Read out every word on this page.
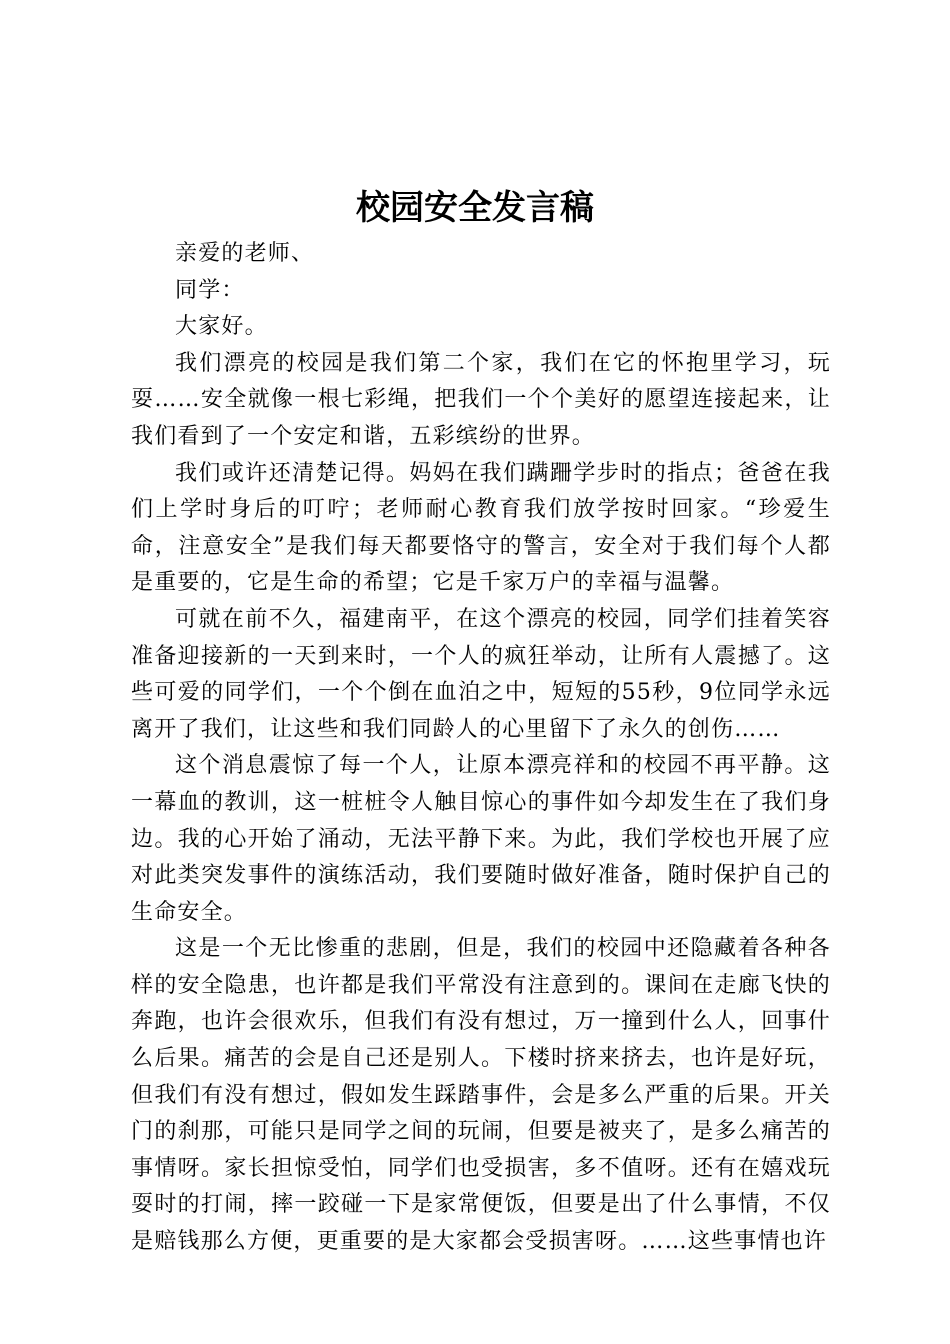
校园安全发言稿

亲爱的老师、

同学：

大家好。

我们漂亮的校园是我们第二个家，我们在它的怀抱里学习，玩耍……安全就像一根七彩绳，把我们一个个美好的愿望连接起来，让我们看到了一个安定和谐，五彩缤纷的世界。

我们或许还清楚记得。妈妈在我们蹒跚学步时的指点；爸爸在我们上学时身后的叮咛；老师耐心教育我们放学按时回家。“珍爱生命，注意安全”是我们每天都要恪守的警言，安全对于我们每个人都是重要的，它是生命的希望；它是千家万户的幸福与温馨。

可就在前不久，福建南平，在这个漂亮的校园，同学们挂着笑容准备迎接新的一天到来时，一个人的疯狂举动，让所有人震撼了。这些可爱的同学们，一个个倒在血泊之中，短短的55秒，9位同学永远离开了我们，让这些和我们同龄人的心里留下了永久的创伤……

这个消息震惊了每一个人，让原本漂亮祥和的校园不再平静。这一幕血的教训，这一桩桩令人触目惊心的事件如今却发生在了我们身边。我的心开始了涌动，无法平静下来。为此，我们学校也开展了应对此类突发事件的演练活动，我们要随时做好准备，随时保护自己的生命安全。

这是一个无比惨重的悲剧，但是，我们的校园中还隐藏着各种各样的安全隐患，也许都是我们平常没有注意到的。课间在走廊飞快的奔跑，也许会很欢乐，但我们有没有想过，万一撞到什么人，回事什么后果。痛苦的会是自己还是别人。下楼时挤来挤去，也许是好玩，但我们有没有想过，假如发生踩踏事件，会是多么严重的后果。开关门的刹那，可能只是同学之间的玩闹，但要是被夹了，是多么痛苦的事情呀。家长担惊受怕，同学们也受损害，多不值呀。还有在嬉戏玩耍时的打闹，摔一跤碰一下是家常便饭，但要是出了什么事情，不仅是赔钱那么方便，更重要的是大家都会受损害呀。……这些事情也许
